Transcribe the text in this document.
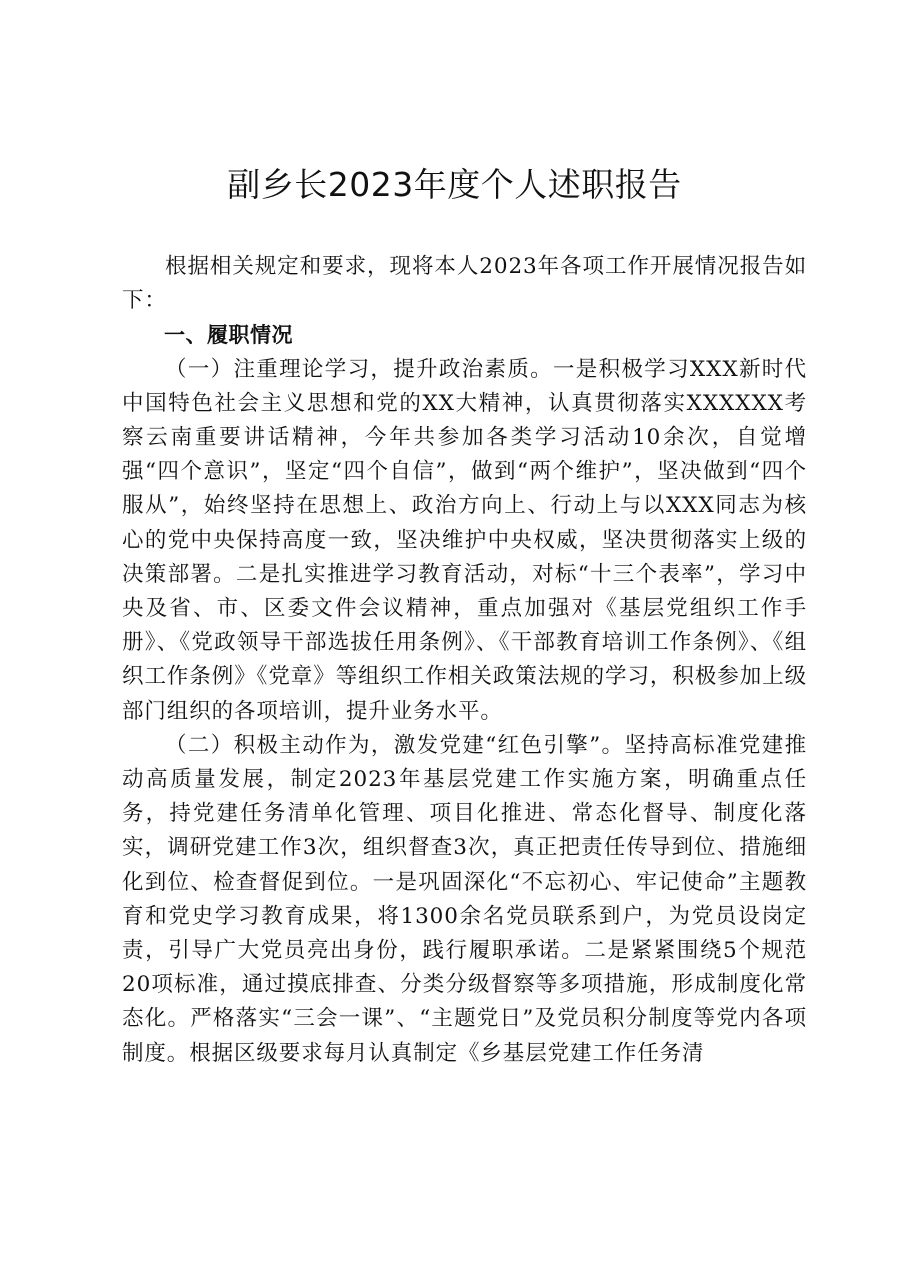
副乡长2023年度个人述职报告

根据相关规定和要求，现将本人2023年各项工作开展情况报告如下：

一、履职情况

（一）注重理论学习，提升政治素质。一是积极学习XXX新时代中国特色社会主义思想和党的XX大精神，认真贯彻落实XXXXXX考察云南重要讲话精神，今年共参加各类学习活动10余次，自觉增强“四个意识”，坚定“四个自信”，做到“两个维护”，坚决做到“四个服从”，始终坚持在思想上、政治方向上、行动上与以XXX同志为核心的党中央保持高度一致，坚决维护中央权威，坚决贯彻落实上级的决策部署。二是扎实推进学习教育活动，对标“十三个表率”，学习中央及省、市、区委文件会议精神，重点加强对《基层党组织工作手册》、《党政领导干部选拔任用条例》、《干部教育培训工作条例》、《组织工作条例》《党章》等组织工作相关政策法规的学习，积极参加上级部门组织的各项培训，提升业务水平。

（二）积极主动作为，激发党建“红色引擎”。坚持高标准党建推动高质量发展，制定2023年基层党建工作实施方案，明确重点任务，持党建任务清单化管理、项目化推进、常态化督导、制度化落实，调研党建工作3次，组织督查3次，真正把责任传导到位、措施细化到位、检查督促到位。一是巩固深化“不忘初心、牢记使命”主题教育和党史学习教育成果，将1300余名党员联系到户，为党员设岗定责，引导广大党员亮出身份，践行履职承诺。二是紧紧围绕5个规范20项标准，通过摸底排查、分类分级督察等多项措施，形成制度化常态化。严格落实“三会一课”、“主题党日”及党员积分制度等党内各项制度。根据区级要求每月认真制定《乡基层党建工作任务清
